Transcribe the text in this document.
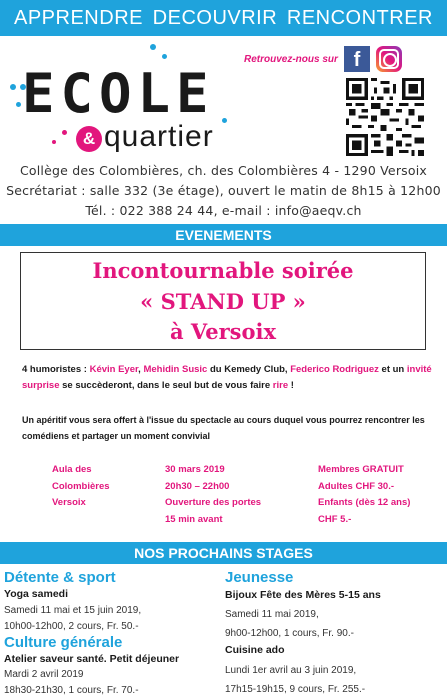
APPRENDRE DECOUVRIR RENCONTRER
ECOLE
& quartier
Retrouvez-nous sur f
Collège des Colombières, ch. des Colombières 4 - 1290 Versoix
Secrétariat : salle 332 (3e étage), ouvert le matin de 8h15 à 12h00
Tél. : 022 388 24 44, e-mail : info@aeqv.ch
EVENEMENTS
Incontournable soirée
« STAND UP »
à Versoix
4 humoristes : Kévin Eyer, Mehidin Susic du Kemedy Club, Federico Rodriguez et un invité surprise se succèderont, dans le seul but de vous faire rire !
Un apéritif vous sera offert à l'issue du spectacle au cours duquel vous pourrez rencontrer les comédiens et partager un moment convivial
Aula des
Colombières
Versoix
30 mars 2019
20h30 – 22h00
Ouverture des portes
15 min avant
Membres GRATUIT
Adultes CHF 30.-
Enfants (dès 12 ans)
CHF 5.-
NOS PROCHAINS STAGES
Détente & sport
Yoga samedi
Samedi 11 mai et 15 juin 2019,
10h00-12h00, 2 cours, Fr. 50.-
Culture générale
Atelier saveur santé. Petit déjeuner
Mardi 2 avril 2019
18h30-21h30, 1 cours, Fr. 70.-
Jeunesse
Bijoux Fête des Mères 5-15 ans
Samedi 11 mai 2019,
9h00-12h00, 1 cours, Fr. 90.-
Cuisine ado
Lundi 1er avril au 3 juin 2019,
17h15-19h15, 9 cours, Fr. 255.-
